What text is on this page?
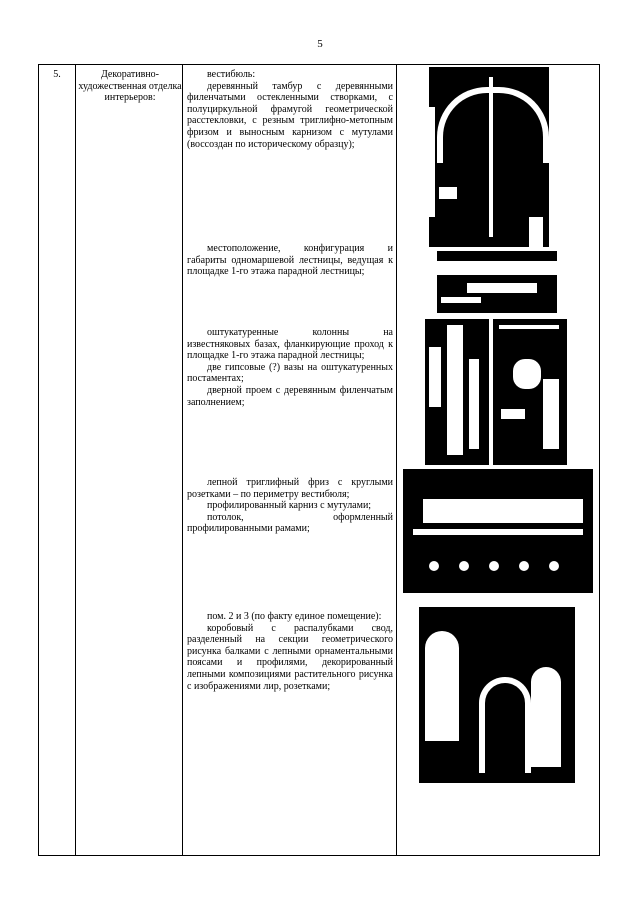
5
5.	Декоративно-художественная отделка интерьеров:

вестибюль:

деревянный тамбур с деревянными филенчатыми остекленными створками, с полуциркульной фрамугой геометрической расстекловки, с резным триглифно-метопным фризом и выносным карнизом с мутулами (воссоздан по историческому образцу);

местоположение, конфигурация и габариты одномаршевой лестницы, ведущая к площадке 1-го этажа парадной лестницы;

оштукатуренные колонны на известняковых базах, фланкирующие проход к площадке 1-го этажа парадной лестницы;

две гипсовые (?) вазы на оштукатуренных постаментах;

дверной проем с деревянным филенчатым заполнением;

лепной триглифный фриз с круглыми розетками – по периметру вестибюля;

профилированный карниз с мутулами;

потолок, оформленный профилированными рамами;

пом. 2 и 3 (по факту единое помещение):

коробовый с распалубками свод, разделенный на секции геометрического рисунка балками с лепными орнаментальными поясами и профилями, декорированный лепными композициями растительного рисунка с изображениями лир, розетками;
